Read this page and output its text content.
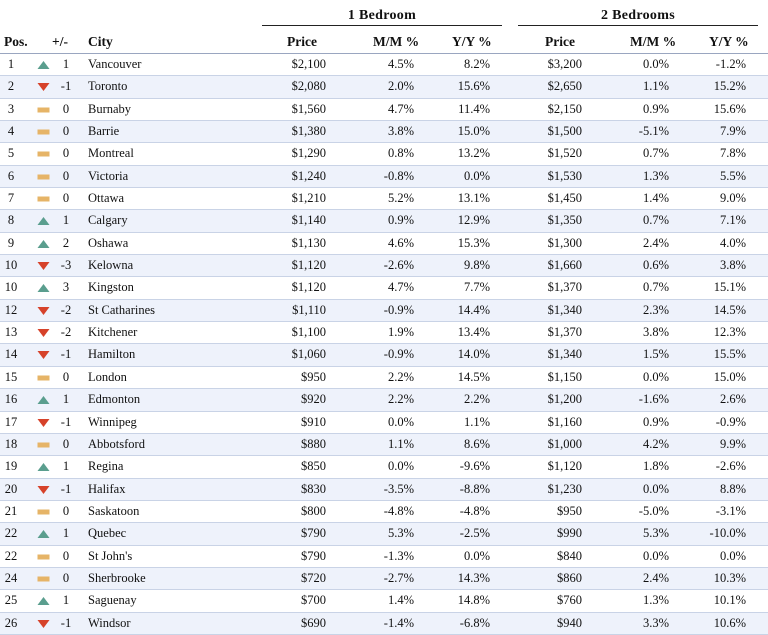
1 Bedroom	2 Bedrooms
Pos. +/- City	Price	M/M % Y/Y %	Price	M/M % Y/Y %
1	1	Vancouver	$2,100	4.5%	8.2%	$3,200	0.0%	-1.2%
2	-1	Toronto	$2,080	2.0%	15.6%	$2,650	1.1%	15.2%
3	0	Burnaby	$1,560	4.7%	11.4%	$2,150	0.9%	15.6%
4	0	Barrie	$1,380	3.8%	15.0%	$1,500	-5.1%	7.9%
5	0	Montreal	$1,290	0.8%	13.2%	$1,520	0.7%	7.8%
6	0	Victoria	$1,240	-0.8%	0.0%	$1,530	1.3%	5.5%
7	0	Ottawa	$1,210	5.2%	13.1%	$1,450	1.4%	9.0%
8	1	Calgary	$1,140	0.9%	12.9%	$1,350	0.7%	7.1%
9	2	Oshawa	$1,130	4.6%	15.3%	$1,300	2.4%	4.0%
10	-3	Kelowna	$1,120	-2.6%	9.8%	$1,660	0.6%	3.8%
10	3	Kingston	$1,120	4.7%	7.7%	$1,370	0.7%	15.1%
12	-2	St Catharines	$1,110	-0.9%	14.4%	$1,340	2.3%	14.5%
13	-2	Kitchener	$1,100	1.9%	13.4%	$1,370	3.8%	12.3%
14	-1	Hamilton	$1,060	-0.9%	14.0%	$1,340	1.5%	15.5%
15	0	London	$950	2.2%	14.5%	$1,150	0.0%	15.0%
16	1	Edmonton	$920	2.2%	2.2%	$1,200	-1.6%	2.6%
17	-1	Winnipeg	$910	0.0%	1.1%	$1,160	0.9%	-0.9%
18	0	Abbotsford	$880	1.1%	8.6%	$1,000	4.2%	9.9%
19	1	Regina	$850	0.0%	-9.6%	$1,120	1.8%	-2.6%
20	-1	Halifax	$830	-3.5%	-8.8%	$1,230	0.0%	8.8%
21	0	Saskatoon	$800	-4.8%	-4.8%	$950	-5.0%	-3.1%
22	1	Quebec	$790	5.3%	-2.5%	$990	5.3%	-10.0%
22	0	St John's	$790	-1.3%	0.0%	$840	0.0%	0.0%
24	0	Sherbrooke	$720	-2.7%	14.3%	$860	2.4%	10.3%
25	1	Saguenay	$700	1.4%	14.8%	$760	1.3%	10.1%
26	-1	Windsor	$690	-1.4%	-6.8%	$940	3.3%	10.6%
